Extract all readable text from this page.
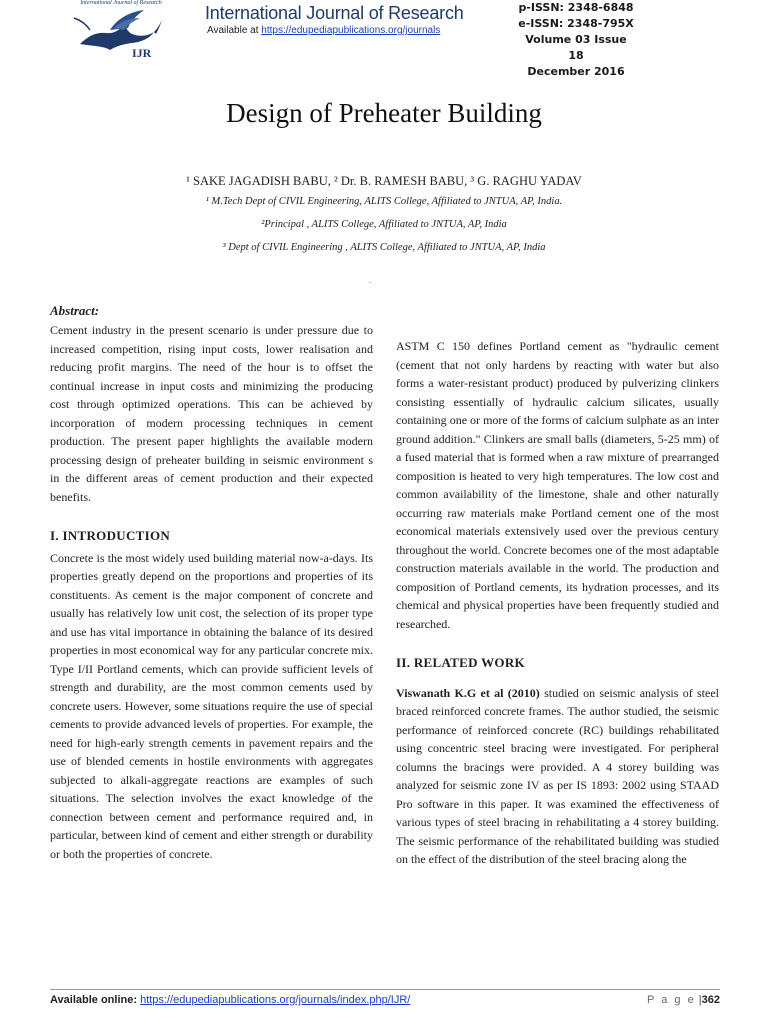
International Journal of Research
IJR
International Journal of Research
Available at https://edupediapublications.org/journals
p-ISSN: 2348-6848
e-ISSN: 2348-795X
Volume 03 Issue 18
December 2016
Design of Preheater Building
¹ SAKE JAGADISH BABU, ² Dr. B. RAMESH BABU, ³ G. RAGHU YADAV
¹ M.Tech Dept of CIVIL Engineering, ALITS College, Affiliated to JNTUA, AP, India.
²Principal , ALITS College, Affiliated to JNTUA, AP, India
³ Dept of CIVIL Engineering , ALITS College, Affiliated to JNTUA, AP, India
.
Abstract:

Cement industry in the present scenario is under pressure due to increased competition, rising input costs, lower realisation and reducing profit margins. The need of the hour is to offset the continual increase in input costs and minimizing the producing cost through optimized operations. This can be achieved by incorporation of modern processing techniques in cement production. The present paper highlights the available modern processing design of preheater building in seismic environment s in the different areas of cement production and their expected benefits.

I. INTRODUCTION

Concrete is the most widely used building material now-a-days. Its properties greatly depend on the proportions and properties of its constituents. As cement is the major component of concrete and usually has relatively low unit cost, the selection of its proper type and use has vital importance in obtaining the balance of its desired properties in most economical way for any particular concrete mix. Type I/II Portland cements, which can provide sufficient levels of strength and durability, are the most common cements used by concrete users. However, some situations require the use of special cements to provide advanced levels of properties. For example, the need for high-early strength cements in pavement repairs and the use of blended cements in hostile environments with aggregates subjected to alkali-aggregate reactions are examples of such situations. The selection involves the exact knowledge of the connection between cement and performance required and, in particular, between kind of cement and either strength or durability or both the properties of concrete.

ASTM C 150 defines Portland cement as "hydraulic cement (cement that not only hardens by reacting with water but also forms a water-resistant product) produced by pulverizing clinkers consisting essentially of hydraulic calcium silicates, usually containing one or more of the forms of calcium sulphate as an inter ground addition." Clinkers are small balls (diameters, 5-25 mm) of a fused material that is formed when a raw mixture of prearranged composition is heated to very high temperatures. The low cost and common availability of the limestone, shale and other naturally occurring raw materials make Portland cement one of the most economical materials extensively used over the previous century throughout the world. Concrete becomes one of the most adaptable construction materials available in the world. The production and composition of Portland cements, its hydration processes, and its chemical and physical properties have been frequently studied and researched.

II. RELATED WORK

Viswanath K.G et al (2010) studied on seismic analysis of steel braced reinforced concrete frames. The author studied, the seismic performance of reinforced concrete (RC) buildings rehabilitated using concentric steel bracing were investigated. For peripheral columns the bracings were provided. A 4 storey building was analyzed for seismic zone IV as per IS 1893: 2002 using STAAD Pro software in this paper. It was examined the effectiveness of various types of steel bracing in rehabilitating a 4 storey building. The seismic performance of the rehabilitated building was studied on the effect of the distribution of the steel bracing along the

Available online: https://edupediapublications.org/journals/index.php/IJR/	P a g e |362
